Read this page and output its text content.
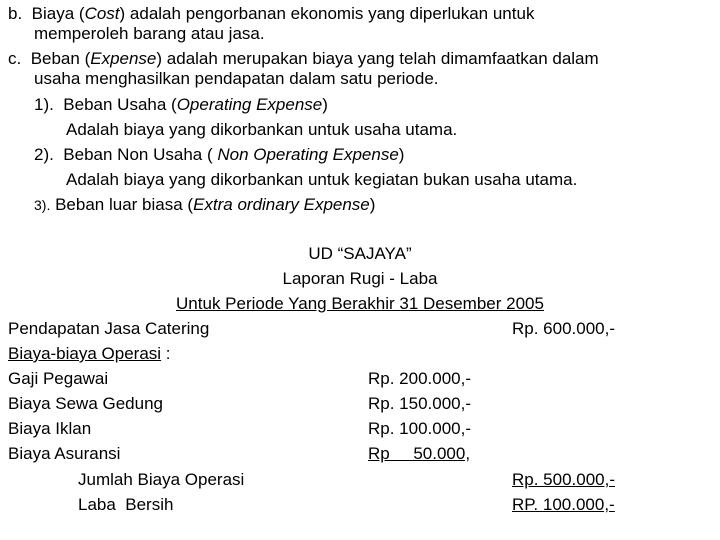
b. Biaya (Cost) adalah pengorbanan ekonomis yang diperlukan untuk
memperoleh barang atau jasa.
c. Beban (Expense) adalah merupakan biaya yang telah dimamfaatkan dalam
usaha menghasilkan pendapatan dalam satu periode.
1). Beban Usaha (Operating Expense)
Adalah biaya yang dikorbankan untuk usaha utama.
2). Beban Non Usaha ( Non Operating Expense)
Adalah biaya yang dikorbankan untuk kegiatan bukan usaha utama.
3). Beban luar biasa (Extra ordinary Expense)
UD “SAJAYA”
Laporan Rugi - Laba
Untuk Periode Yang Berakhir 31 Desember 2005
Pendapatan Jasa Catering	Rp. 600.000,-
Biaya-biaya Operasi :
Gaji Pegawai	Rp. 200.000,-
Biaya Sewa Gedung	Rp. 150.000,-
Biaya Iklan	Rp. 100.000,-
Biaya Asuransi	Rp     50.000,
Jumlah Biaya Operasi	Rp. 500.000,-
Laba  Bersih	RP. 100.000,-
